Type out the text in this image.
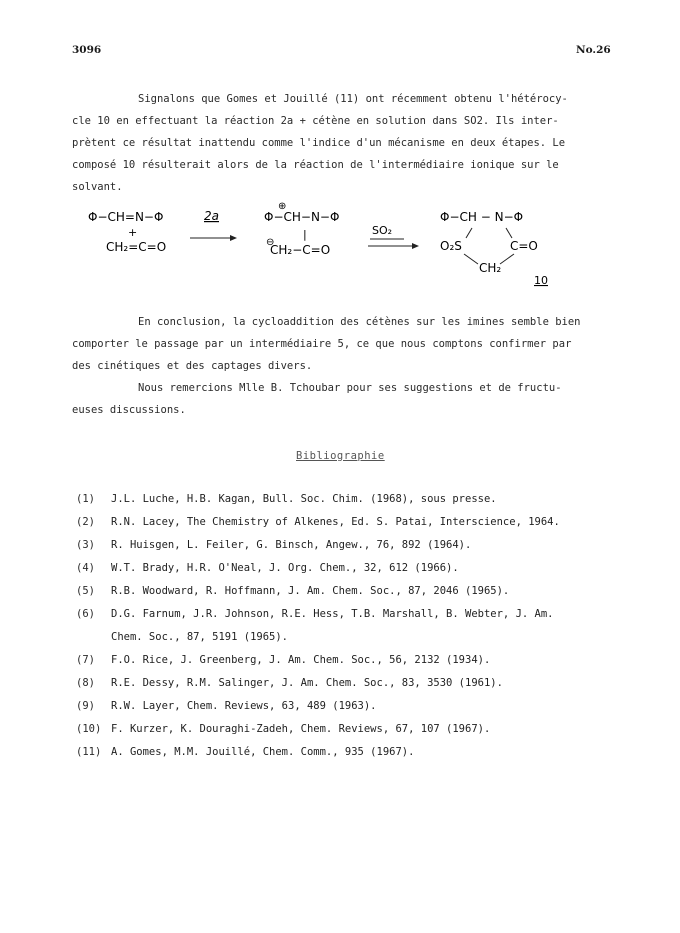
3096	No.26
Signalons que Gomes et Jouillé (11) ont récemment obtenu l'hétérocy-
cle 10 en effectuant la réaction 2a + cétène en solution dans SO2. Ils inter-
prètent ce résultat inattendu comme l'indice d'un mécanisme en deux étapes. Le
composé 10 résulterait alors de la réaction de l'intermédiaire ionique sur le
solvant.
Φ−CH=N−Φ
+
CH₂=C=O
2a
⊕
Φ−CH−N−Φ
|
⊖
CH₂−C=O
SO₂
Φ−CH − N−Φ
O₂S	C=O
CH₂
10
En conclusion, la cycloaddition des cétènes sur les imines semble bien
comporter le passage par un intermédiaire 5, ce que nous comptons confirmer par
des cinétiques et des captages divers.
Nous remercions Mlle B. Tchoubar pour ses suggestions et de fructu-
euses discussions.
Bibliographie
(1) J.L. Luche, H.B. Kagan, Bull. Soc. Chim. (1968), sous presse.
(2) R.N. Lacey, The Chemistry of Alkenes, Ed. S. Patai, Interscience, 1964.
(3) R. Huisgen, L. Feiler, G. Binsch, Angew., 76, 892 (1964).
(4) W.T. Brady, H.R. O'Neal, J. Org. Chem., 32, 612 (1966).
(5) R.B. Woodward, R. Hoffmann, J. Am. Chem. Soc., 87, 2046 (1965).
(6) D.G. Farnum, J.R. Johnson, R.E. Hess, T.B. Marshall, B. Webter, J. Am.
Chem. Soc., 87, 5191 (1965).
(7) F.O. Rice, J. Greenberg, J. Am. Chem. Soc., 56, 2132 (1934).
(8) R.E. Dessy, R.M. Salinger, J. Am. Chem. Soc., 83, 3530 (1961).
(9) R.W. Layer, Chem. Reviews, 63, 489 (1963).
(10) F. Kurzer, K. Douraghi-Zadeh, Chem. Reviews, 67, 107 (1967).
(11) A. Gomes, M.M. Jouillé, Chem. Comm., 935 (1967).
